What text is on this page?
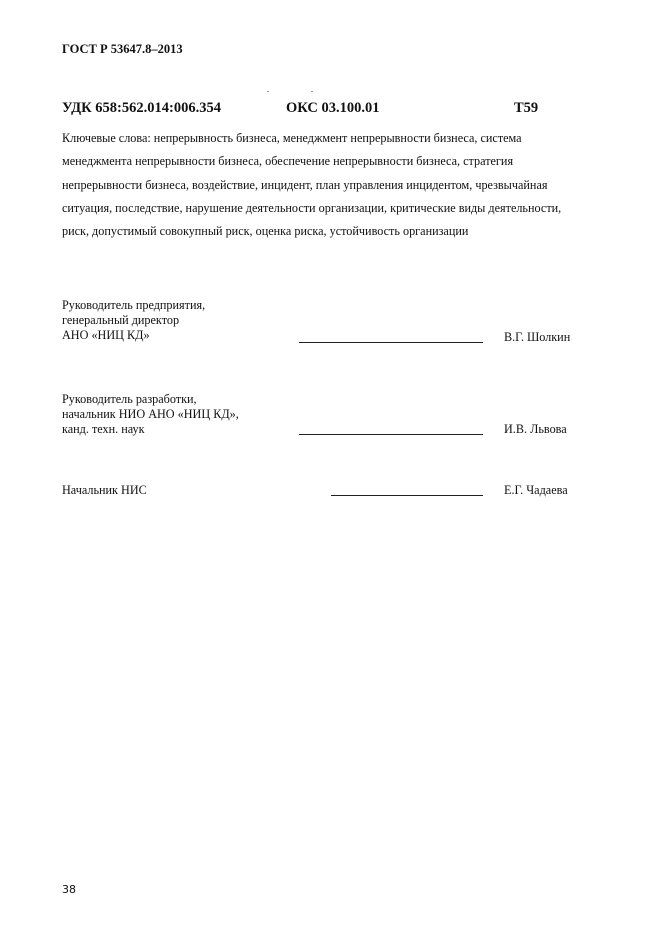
ГОСТ Р 53647.8–2013
УДК 658:562.014:006.354	ОКС 03.100.01	Т59
Ключевые слова: непрерывность бизнеса, менеджмент непрерывности бизнеса, система
менеджмента непрерывности бизнеса, обеспечение непрерывности бизнеса, стратегия
непрерывности бизнеса, воздействие, инцидент, план управления инцидентом, чрезвычайная
ситуация, последствие, нарушение деятельности организации, критические виды деятельности,
риск, допустимый совокупный риск, оценка риска, устойчивость организации
Руководитель предприятия,
генеральный директор
АНО «НИЦ КД»	В.Г. Шолкин
Руководитель разработки,
начальник НИО АНО «НИЦ КД»,
канд. техн. наук	И.В. Львова
Начальник НИС	Е.Г. Чадаева
38
